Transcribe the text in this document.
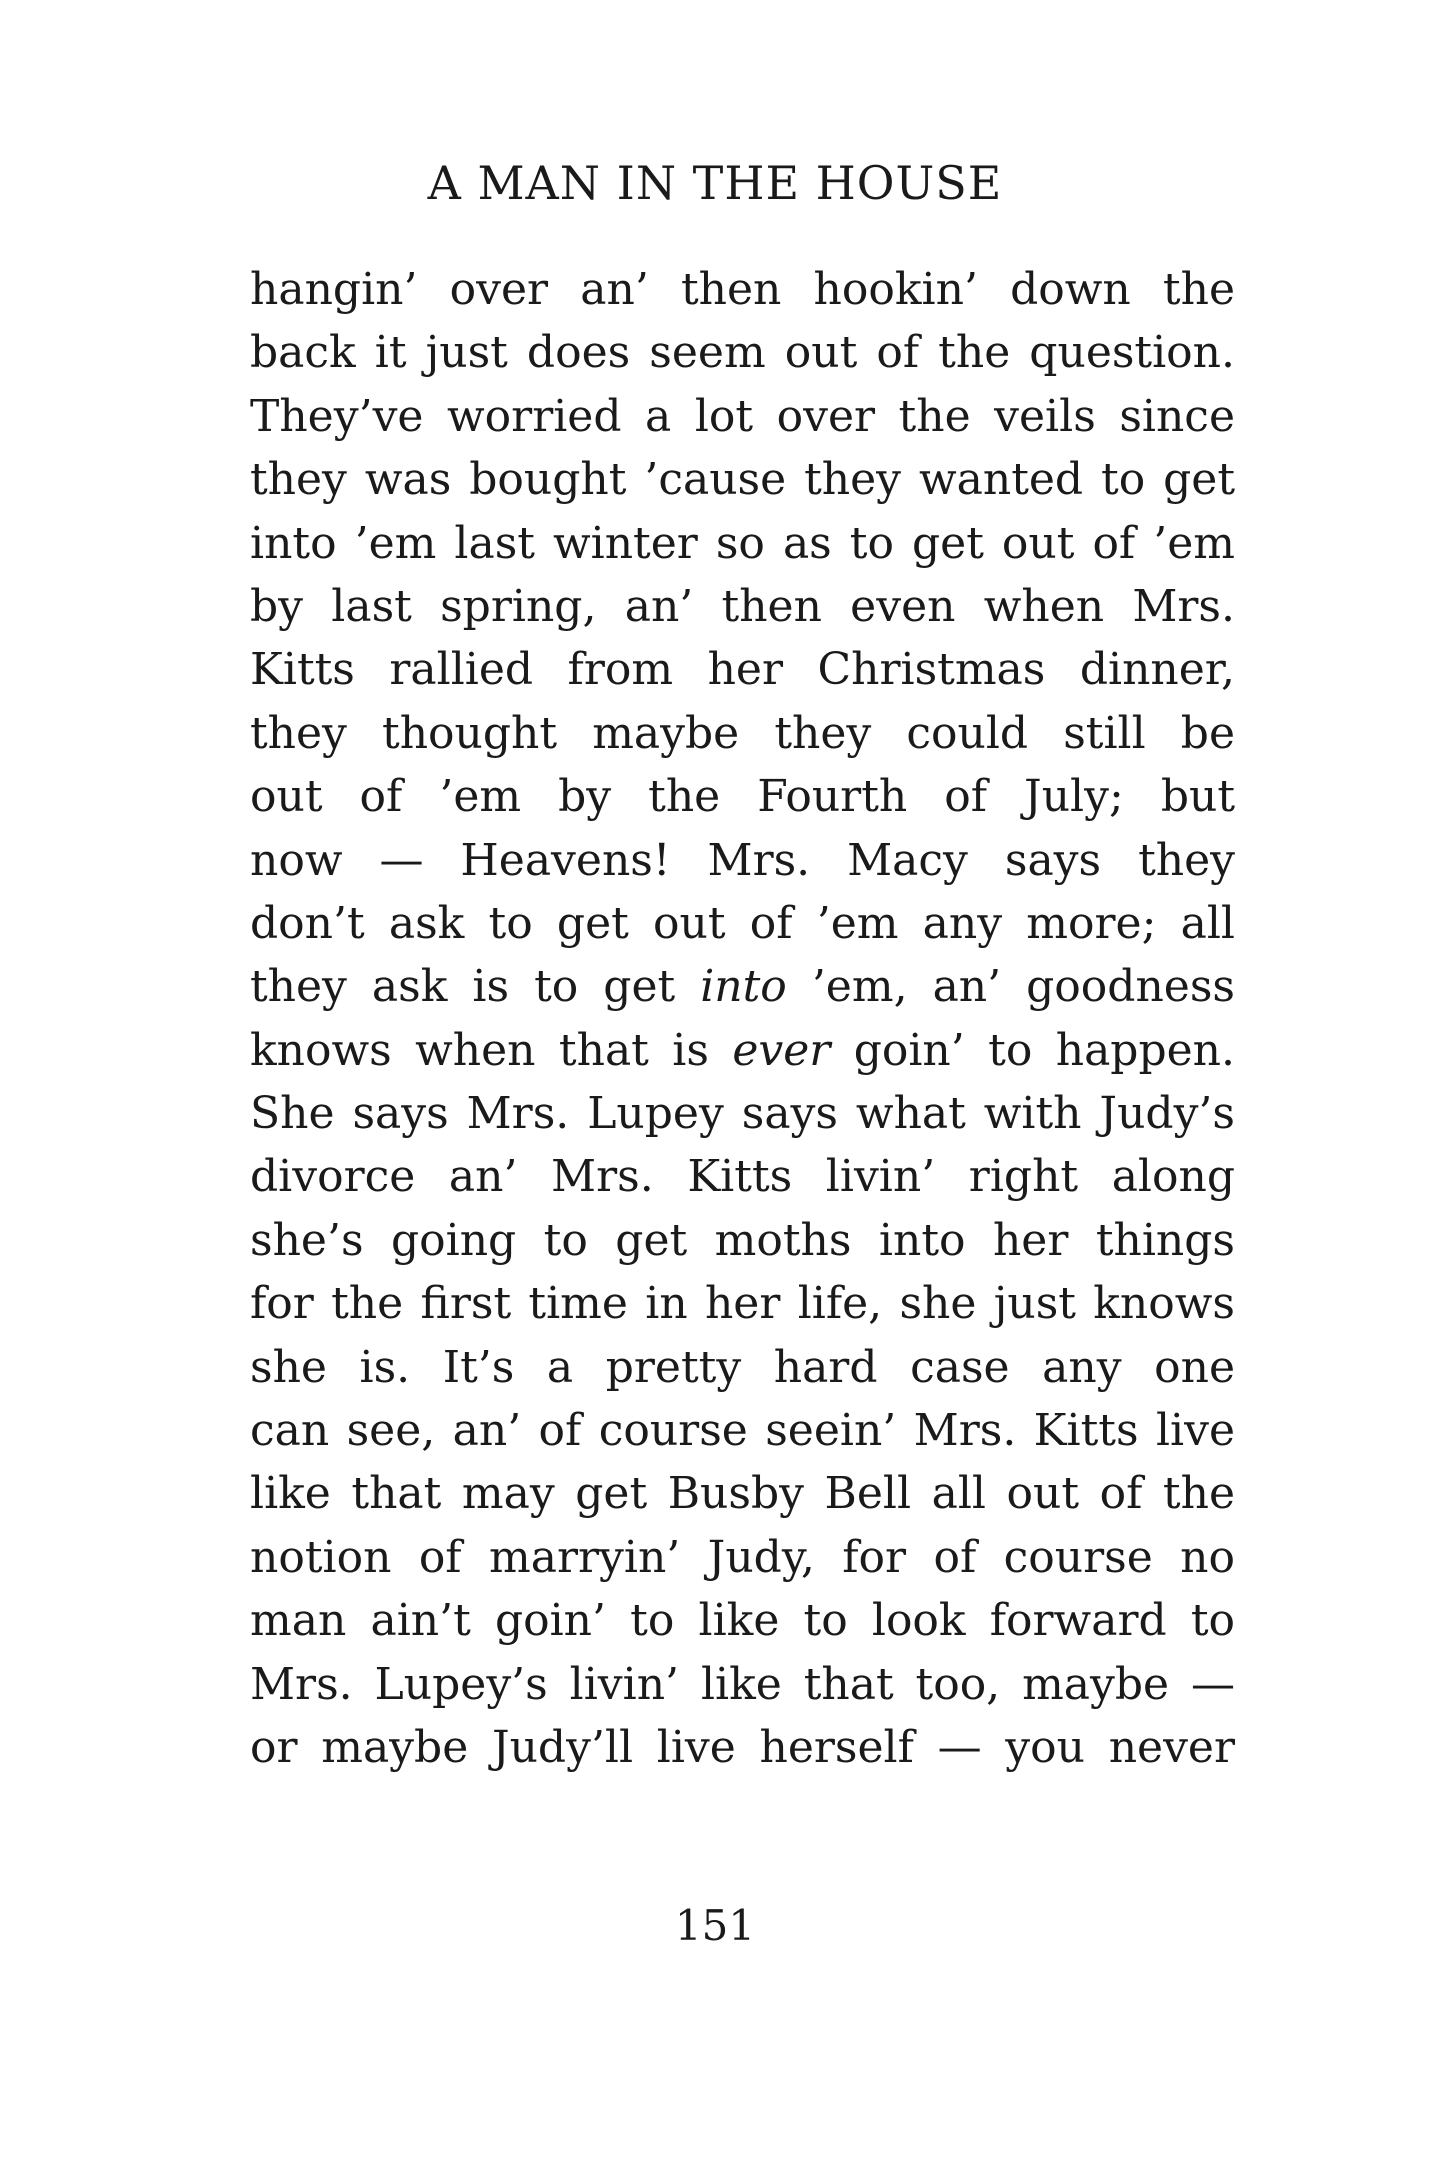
A MAN IN THE HOUSE
hangin’ over an’ then hookin’ down the
back it just does seem out of the question.
They’ve worried a lot over the veils since
they was bought ’cause they wanted to get
into ’em last winter so as to get out of ’em
by last spring, an’ then even when Mrs.
Kitts rallied from her Christmas dinner,
they thought maybe they could still be
out of ’em by the Fourth of July; but
now — Heavens! Mrs. Macy says they
don’t ask to get out of ’em any more; all
they ask is to get into ’em, an’ goodness
knows when that is ever goin’ to happen.
She says Mrs. Lupey says what with Judy’s
divorce an’ Mrs. Kitts livin’ right along
she’s going to get moths into her things
for the first time in her life, she just knows
she is. It’s a pretty hard case any one
can see, an’ of course seein’ Mrs. Kitts live
like that may get Busby Bell all out of the
notion of marryin’ Judy, for of course no
man ain’t goin’ to like to look forward to
Mrs. Lupey’s livin’ like that too, maybe —
or maybe Judy’ll live herself — you never
151
